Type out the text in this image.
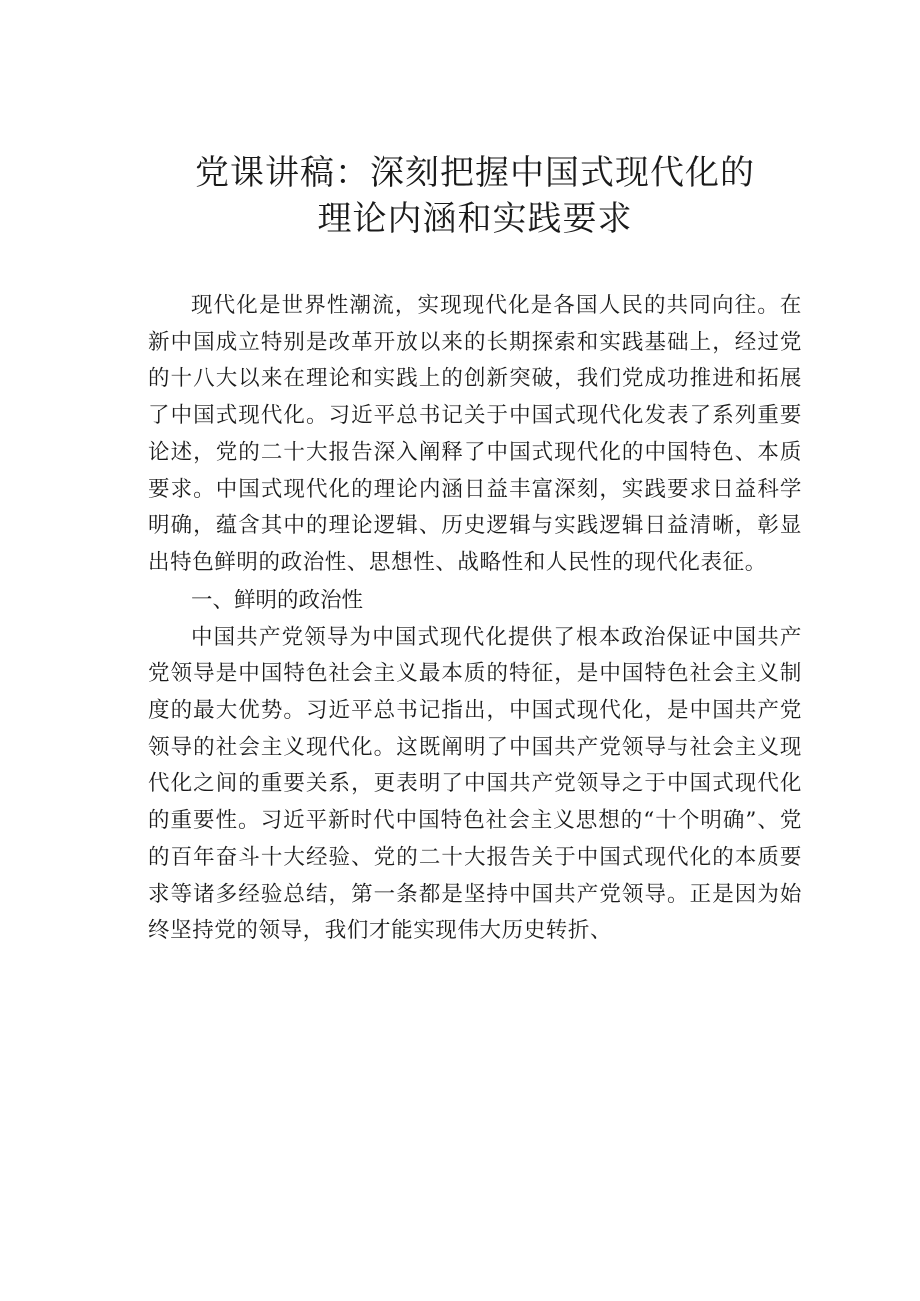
党课讲稿：深刻把握中国式现代化的
理论内涵和实践要求

现代化是世界性潮流，实现现代化是各国人民的共同向往。在新中国成立特别是改革开放以来的长期探索和实践基础上，经过党的十八大以来在理论和实践上的创新突破，我们党成功推进和拓展了中国式现代化。习近平总书记关于中国式现代化发表了系列重要论述，党的二十大报告深入阐释了中国式现代化的中国特色、本质要求。中国式现代化的理论内涵日益丰富深刻，实践要求日益科学明确，蕴含其中的理论逻辑、历史逻辑与实践逻辑日益清晰，彰显出特色鲜明的政治性、思想性、战略性和人民性的现代化表征。

一、鲜明的政治性

中国共产党领导为中国式现代化提供了根本政治保证中国共产党领导是中国特色社会主义最本质的特征，是中国特色社会主义制度的最大优势。习近平总书记指出，中国式现代化，是中国共产党领导的社会主义现代化。这既阐明了中国共产党领导与社会主义现代化之间的重要关系，更表明了中国共产党领导之于中国式现代化的重要性。习近平新时代中国特色社会主义思想的“十个明确”、党的百年奋斗十大经验、党的二十大报告关于中国式现代化的本质要求等诸多经验总结，第一条都是坚持中国共产党领导。正是因为始终坚持党的领导，我们才能实现伟大历史转折、
